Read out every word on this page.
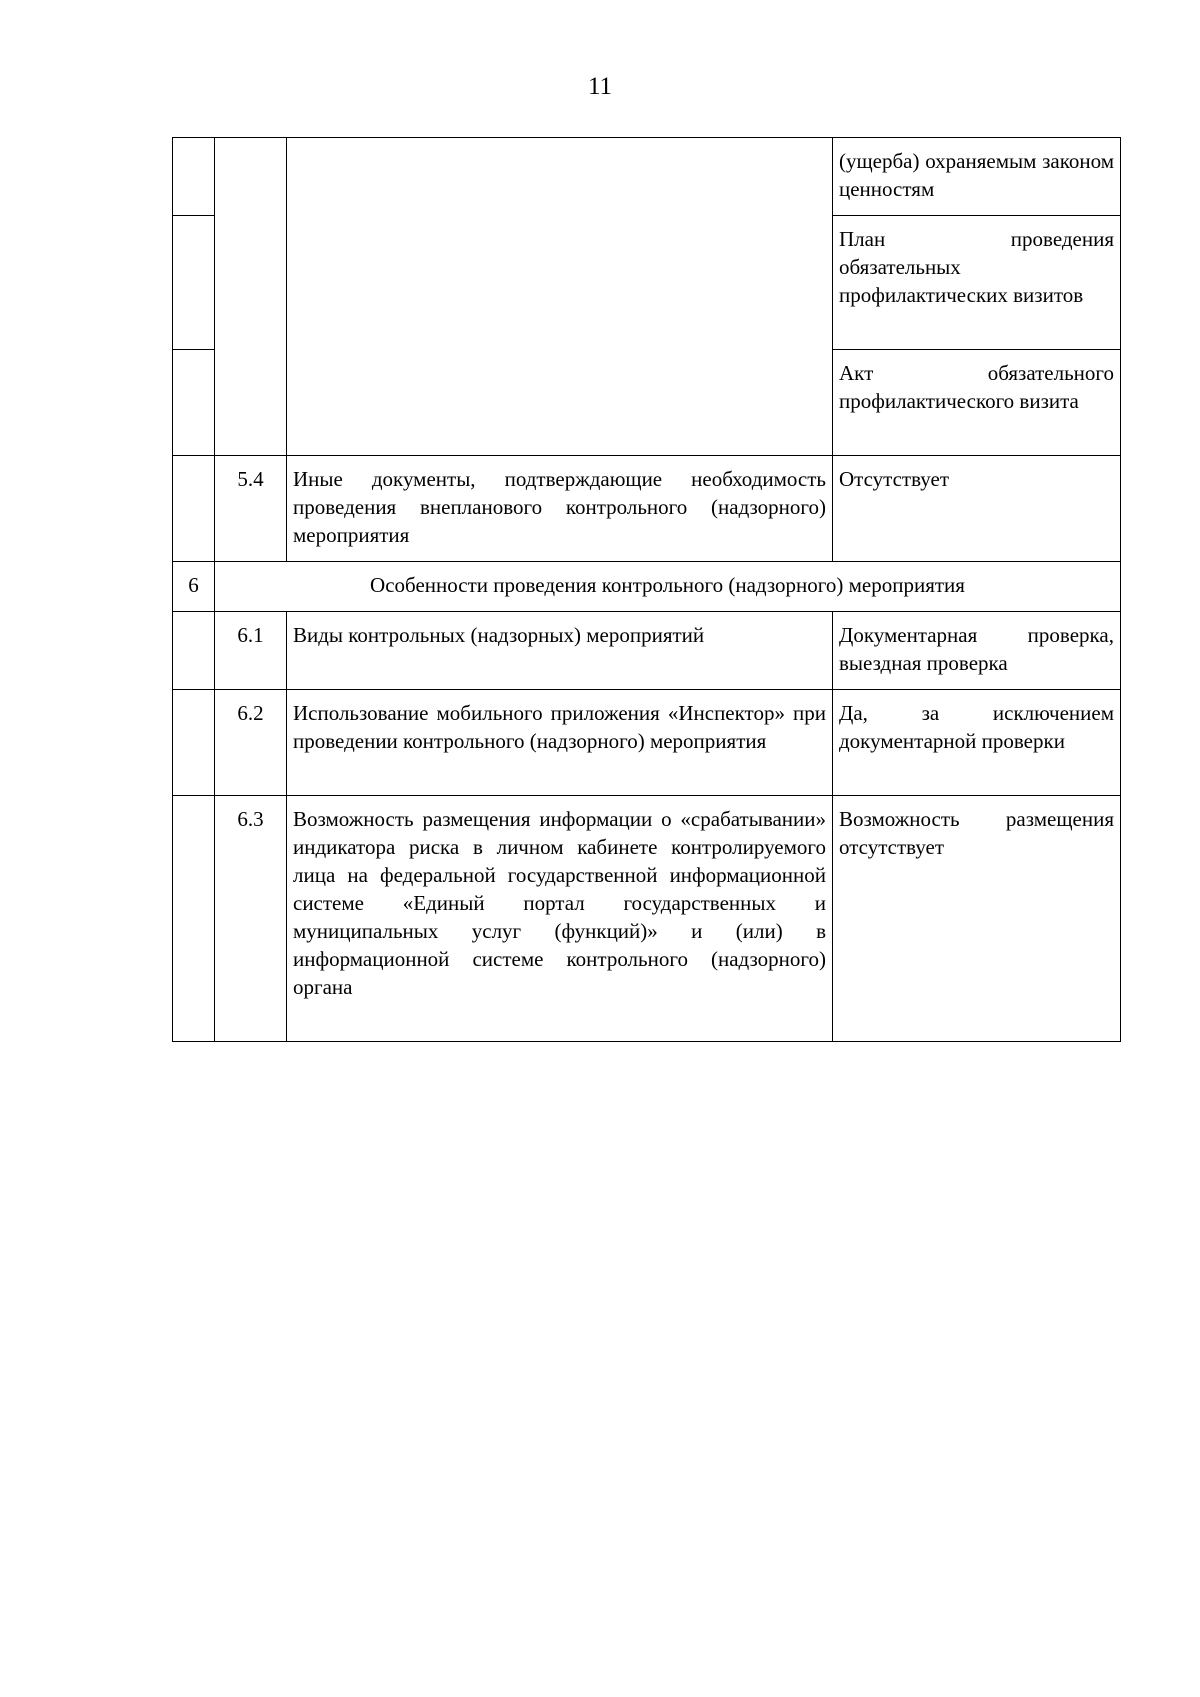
11
			(ущерба) охраняемым законом ценностям
			План проведения обязательных профилактических визитов
			Акт обязательного профилактического визита
	5.4	Иные документы, подтверждающие необходимость проведения внепланового контрольного (надзорного) мероприятия	Отсутствует
6	Особенности проведения контрольного (надзорного) мероприятия		
	6.1	Виды контрольных (надзорных) мероприятий	Документарная проверка, выездная проверка
	6.2	Использование мобильного приложения «Инспектор» при проведении контрольного (надзорного) мероприятия	Да, за исключением документарной проверки
	6.3	Возможность размещения информации о «срабатывании» индикатора риска в личном кабинете контролируемого лица на федеральной государственной информационной системе «Единый портал государственных и муниципальных услуг (функций)» и (или) в информационной системе контрольного (надзорного) органа	Возможность размещения отсутствует
